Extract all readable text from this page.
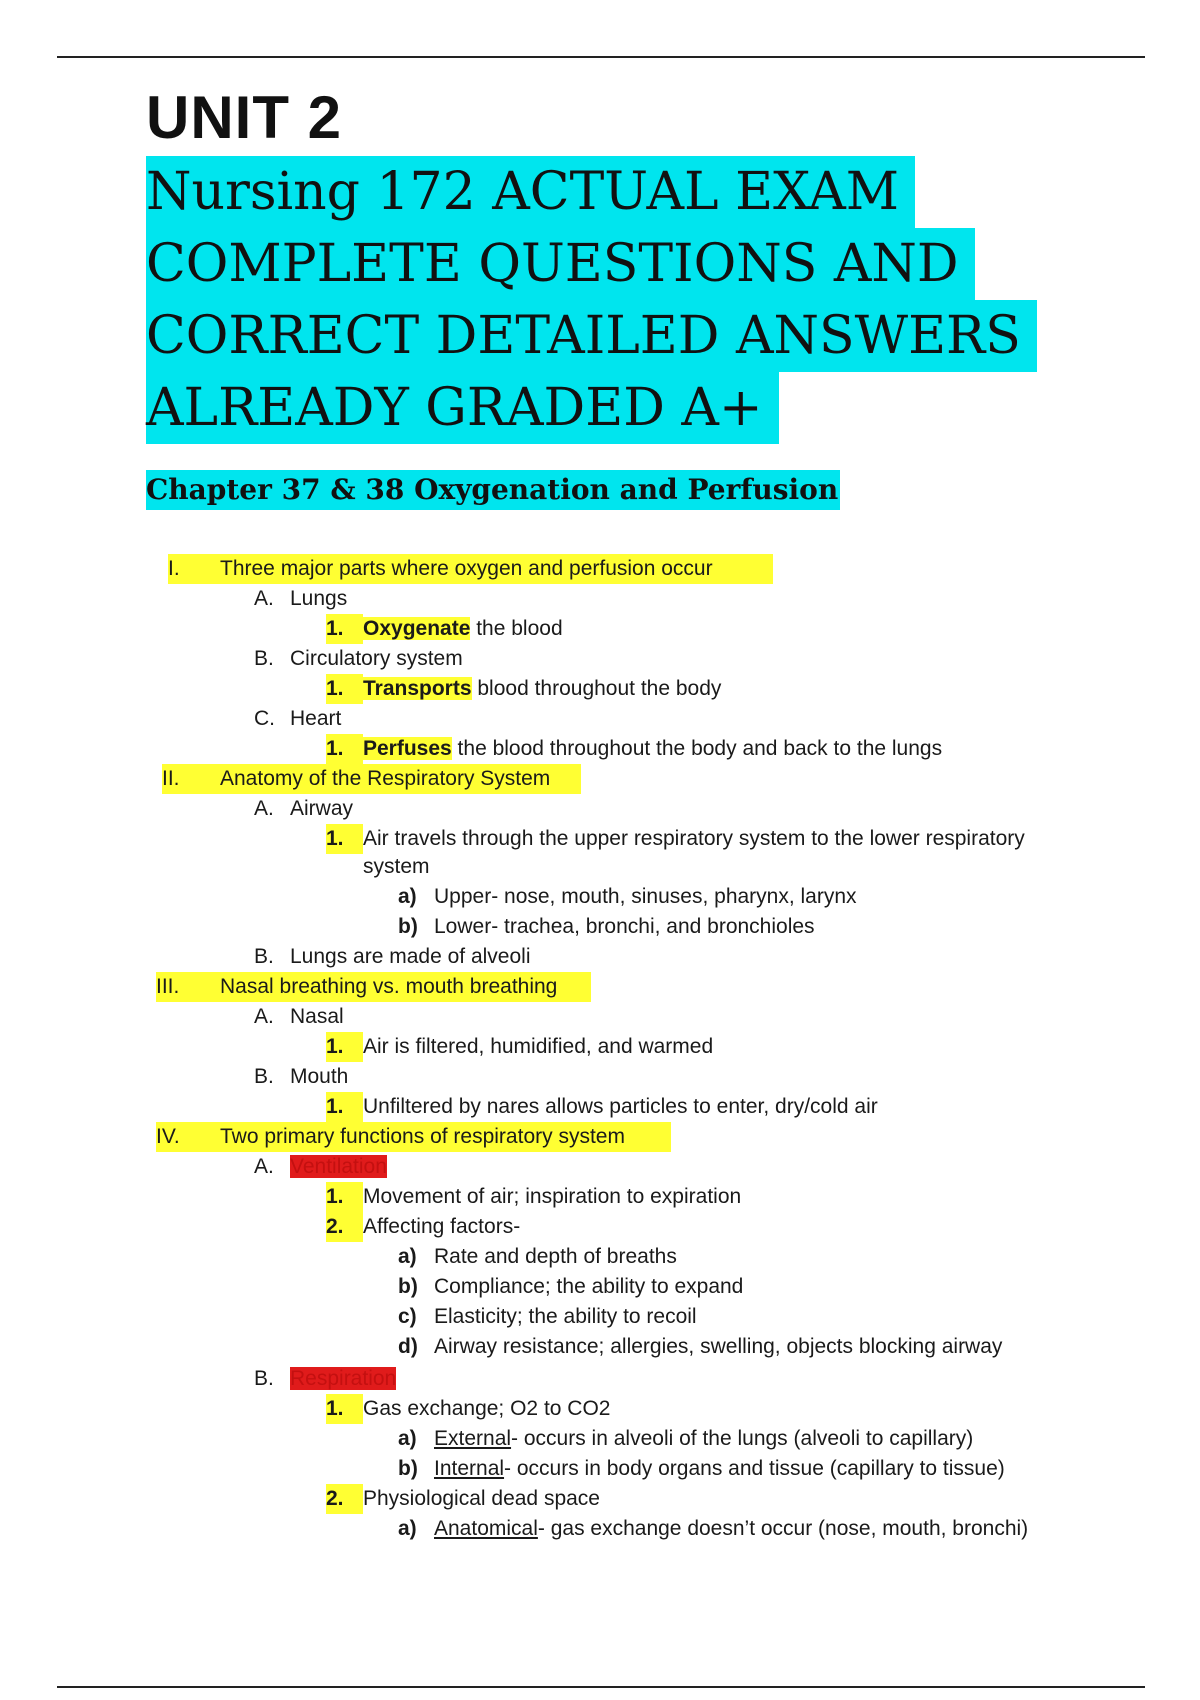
UNIT 2
Nursing 172 ACTUAL EXAM
COMPLETE QUESTIONS AND
CORRECT DETAILED ANSWERS
ALREADY GRADED A+
Chapter 37 & 38 Oxygenation and Perfusion
I. Three major parts where oxygen and perfusion occur
A. Lungs
1. Oxygenate the blood
B. Circulatory system
1. Transports blood throughout the body
C. Heart
1. Perfuses the blood throughout the body and back to the lungs
II. Anatomy of the Respiratory System
A. Airway
1. Air travels through the upper respiratory system to the lower respiratory
system
a) Upper- nose, mouth, sinuses, pharynx, larynx
b) Lower- trachea, bronchi, and bronchioles
B. Lungs are made of alveoli
III. Nasal breathing vs. mouth breathing
A. Nasal
1. Air is filtered, humidified, and warmed
B. Mouth
1. Unfiltered by nares allows particles to enter, dry/cold air
IV. Two primary functions of respiratory system
A. Ventilation
1. Movement of air; inspiration to expiration
2. Affecting factors-
a) Rate and depth of breaths
b) Compliance; the ability to expand
c) Elasticity; the ability to recoil
d) Airway resistance; allergies, swelling, objects blocking airway
B. Respiration
1. Gas exchange; O2 to CO2
a) External- occurs in alveoli of the lungs (alveoli to capillary)
b) Internal- occurs in body organs and tissue (capillary to tissue)
2. Physiological dead space
a) Anatomical- gas exchange doesn’t occur (nose, mouth, bronchi)
